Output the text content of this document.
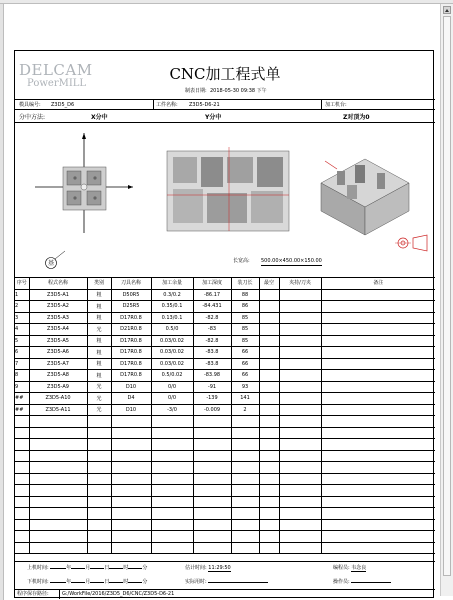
DELCAM
PowerMILL
CNC加工程式单
制表日期: 2018-05-30 09:38 下午
模具编号: Z3D5_D6	工件名称: Z3D5-D6-21	加工机台:
分中方法:	X分中	Y分中	Z对顶为0
基	长宽高: 500.00×450.00×150.00
序号	程式名称	类别	刀具名称	加工余量	加工深度	装刀长	最空	夹持/刀夹	备注
1	Z3D5-A1	粗	D50R5	0.3/0.2	-86.17	88			
2	Z3D5-A2	粗	D25R5	0.35/0.1	-84.431	86			
3	Z3D5-A3	粗	D17R0.8	0.13/0.1	-82.8	85			
4	Z3D5-A4	光	D21R0.8	0.5/0	-83	85			
5	Z3D5-A5	粗	D17R0.8	0.03/0.02	-82.8	85			
6	Z3D5-A6	粗	D17R0.8	0.03/0.02	-83.8	66			
7	Z3D5-A7	粗	D17R0.8	0.03/0.02	-83.8	66			
8	Z3D5-A8	粗	D17R0.8	0.5/0.02	-83.98	66			
9	Z3D5-A9	光	D10	0/0	-91	93			
##	Z3D5-A10	光	D4	0/0	-139	141			
##	Z3D5-A11	光	D10	-3/0	-0.009	2			

上机时间:	年	月	日	时	分	估计时间: 11:29:50	编程员: 韦念良
下机时间:	年	月	日	时	分	实际用时:	操作员:
程序保存路径:	G:/WorkFile/2016/Z3D5_D6/CNC/Z3D5-D6-21
